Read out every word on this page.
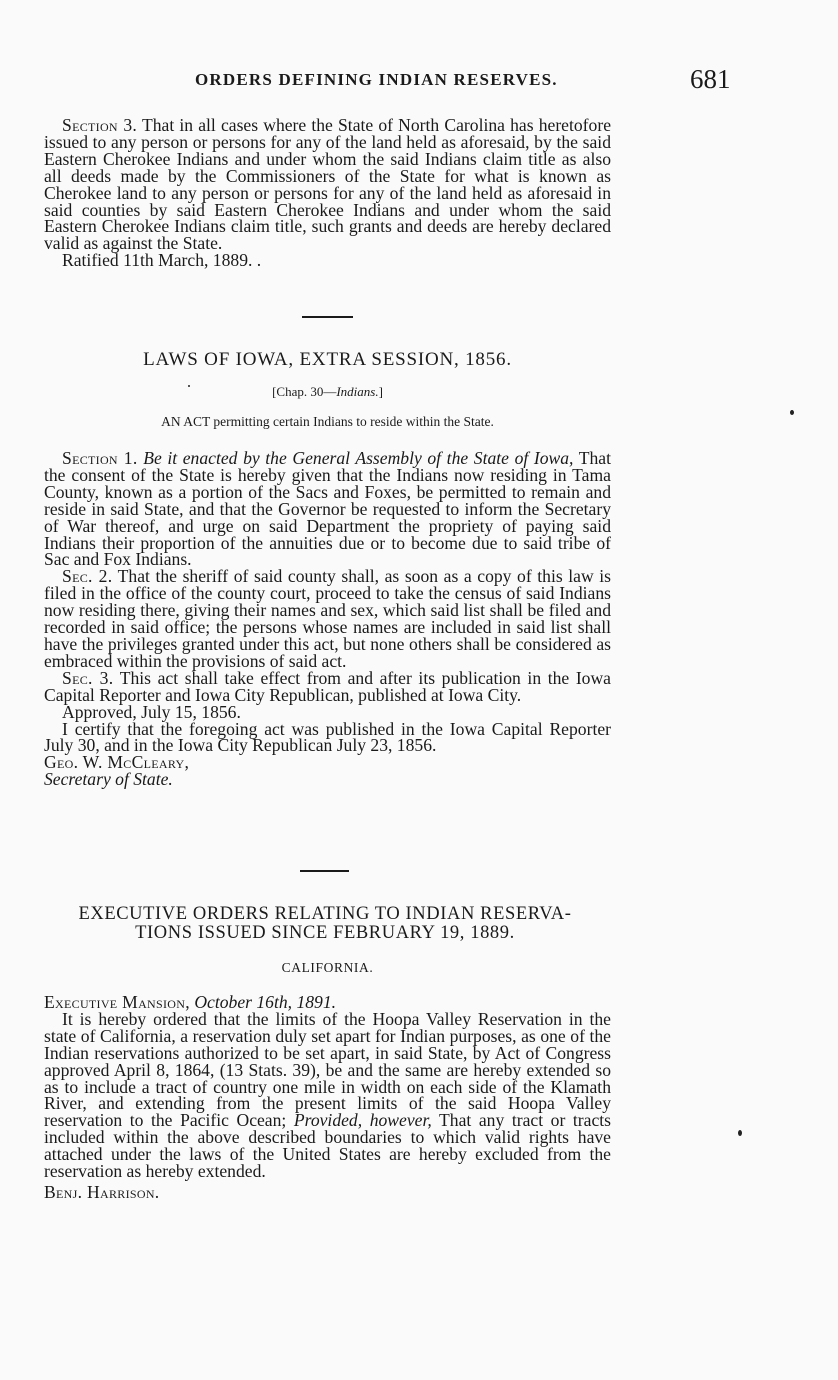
ORDERS DEFINING INDIAN RESERVES.	681

Section 3. That in all cases where the State of North Carolina has heretofore issued to any person or persons for any of the land held as aforesaid, by the said Eastern Cherokee Indians and under whom the said Indians claim title as also all deeds made by the Commissioners of the State for what is known as Cherokee land to any person or persons for any of the land held as aforesaid in said counties by said Eastern Cherokee Indians and under whom the said Eastern Cherokee Indians claim title, such grants and deeds are hereby declared valid as against the State.

Ratified 11th March, 1889. .

LAWS OF IOWA, EXTRA SESSION, 1856.
[Chap. 30—Indians.]
AN ACT permitting certain Indians to reside within the State.

Section 1. Be it enacted by the General Assembly of the State of Iowa, That the consent of the State is hereby given that the Indians now residing in Tama County, known as a portion of the Sacs and Foxes, be permitted to remain and reside in said State, and that the Governor be requested to inform the Secretary of War thereof, and urge on said Department the propriety of paying said Indians their proportion of the annuities due or to become due to said tribe of Sac and Fox Indians.

Sec. 2. That the sheriff of said county shall, as soon as a copy of this law is filed in the office of the county court, proceed to take the census of said Indians now residing there, giving their names and sex, which said list shall be filed and recorded in said office; the persons whose names are included in said list shall have the privileges granted under this act, but none others shall be considered as embraced within the provisions of said act.

Sec. 3. This act shall take effect from and after its publication in the Iowa Capital Reporter and Iowa City Republican, published at Iowa City.

Approved, July 15, 1856.

I certify that the foregoing act was published in the Iowa Capital Reporter July 30, and in the Iowa City Republican July 23, 1856.

Geo. W. McCleary,

Secretary of State.

EXECUTIVE ORDERS RELATING TO INDIAN RESERVA-
TIONS ISSUED SINCE FEBRUARY 19, 1889.
CALIFORNIA.

Executive Mansion, October 16th, 1891.

It is hereby ordered that the limits of the Hoopa Valley Reservation in the state of California, a reservation duly set apart for Indian purposes, as one of the Indian reservations authorized to be set apart, in said State, by Act of Congress approved April 8, 1864, (13 Stats. 39), be and the same are hereby extended so as to include a tract of country one mile in width on each side of the Klamath River, and extending from the present limits of the said Hoopa Valley reservation to the Pacific Ocean; Provided, however, That any tract or tracts included within the above described boundaries to which valid rights have attached under the laws of the United States are hereby excluded from the reservation as hereby extended.

Benj. Harrison.
